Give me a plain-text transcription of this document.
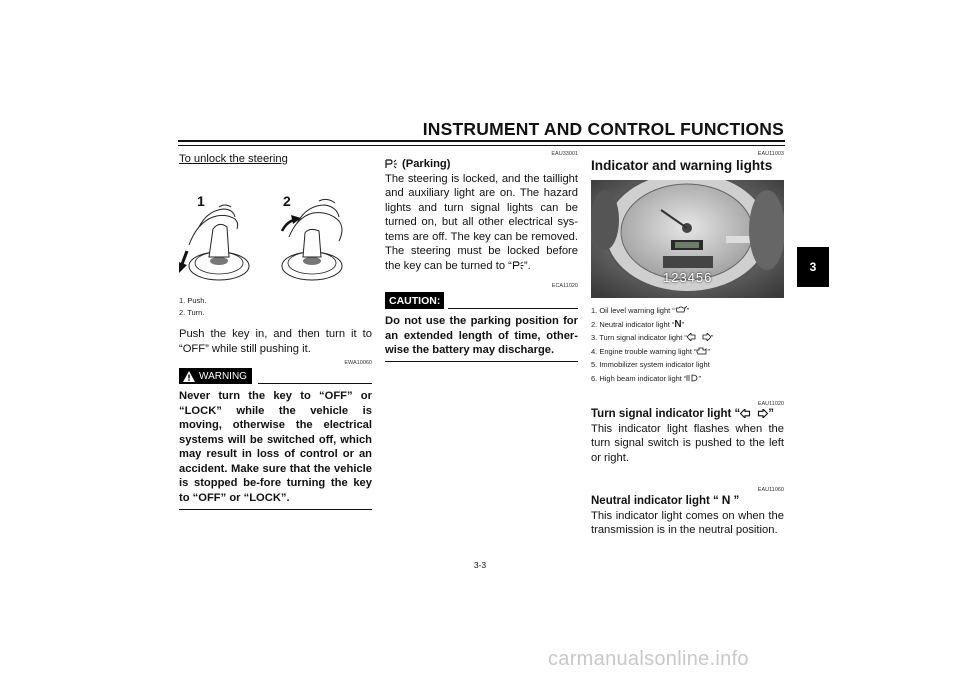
INSTRUMENT AND CONTROL FUNCTIONS
3
To unlock the steering
1	2
1. Push.
2. Turn.
Push the key in, and then turn it to “OFF” while still pushing it.
EWA10060
WARNING
Never turn the key to “OFF” or “LOCK” while the vehicle is moving, otherwise the electrical systems will be switched off, which may result in loss of control or an accident. Make sure that the vehicle is stopped be-fore turning the key to “OFF” or “LOCK”.
EAU33001
(Parking)
The steering is locked, and the taillight and auxiliary light are on. The hazard lights and turn signal lights can be turned on, but all other electrical sys-tems are off. The key can be removed. The steering must be locked before the key can be turned to “ ”.
ECA11020
CAUTION:
Do not use the parking position for an extended length of time, other-wise the battery may discharge.
EAU11003
Indicator and warning lights
123456
1. Oil level warning light “ ”
2. Neutral indicator light “N”
3. Turn signal indicator light “	”
4. Engine trouble warning light “ ”
5. Immobilizer system indicator light
6. High beam indicator light “ ”
EAU11020
Turn signal indicator light “ ”
This indicator light flashes when the turn signal switch is pushed to the left or right.
EAU11060
Neutral indicator light “ N ”
This indicator light comes on when the transmission is in the neutral position.
3-3
carmanualsonline.info
